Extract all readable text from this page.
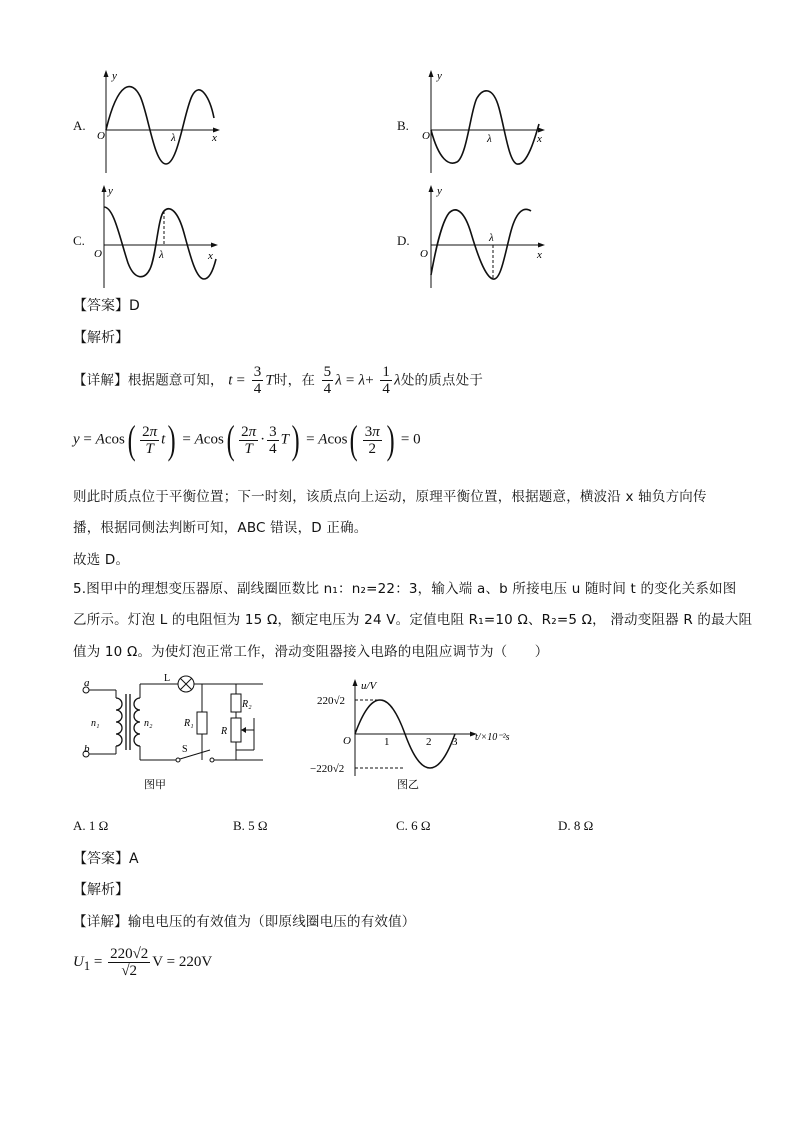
A.
y
O	λ	x
B.
y
O	λ	x
C.
y
O	λ	x
D.
y
O
λ
x
【答案】D
【解析】
【详解】根据题意可知， $t = \frac{3}{4}$ T时，在 $\frac{5}{4}$ $\lambda = \lambda+ \frac{1}{4}$ λ处的质点处于
$y = Acos( \frac{2\pi}{T} t) = Acos( \frac{2\pi}{T} \cdot \frac{3}{4} T) = Acos( \frac{3\pi}{2}$ ) = 0
则此时质点位于平衡位置；下一时刻，该质点向上运动，原理平衡位置，根据题意，横波沿 x 轴负方向传
播，根据同侧法判断可知，ABC 错误，D 正确。
故选 D。
5.图甲中的理想变压器原、副线圈匝数比 n₁：n₂=22：3，输入端 a、b 所接电压 u 随时间 t 的变化关系如图
乙所示。灯泡 L 的电阻恒为 15 Ω，额定电压为 24 V。定值电阻 R₁=10 Ω、R₂=5 Ω， 滑动变阻器 R 的最大阻
值为 10 Ω。为使灯泡正常工作，滑动变阻器接入电路的电阻应调节为（　　）
a
b
n₁	n₂
L
S
R₁
R₂
R
图甲
u/V
220√2
−220√2
O	1	2 3 t/×10⁻²s
图乙
A. 1 Ω	B. 5 Ω	C. 6 Ω	D. 8 Ω
【答案】A
【解析】
【详解】输电电压的有效值为（即原线圈电压的有效值）
$U_1 = \frac{220√2}{√2}$ V = 220V
